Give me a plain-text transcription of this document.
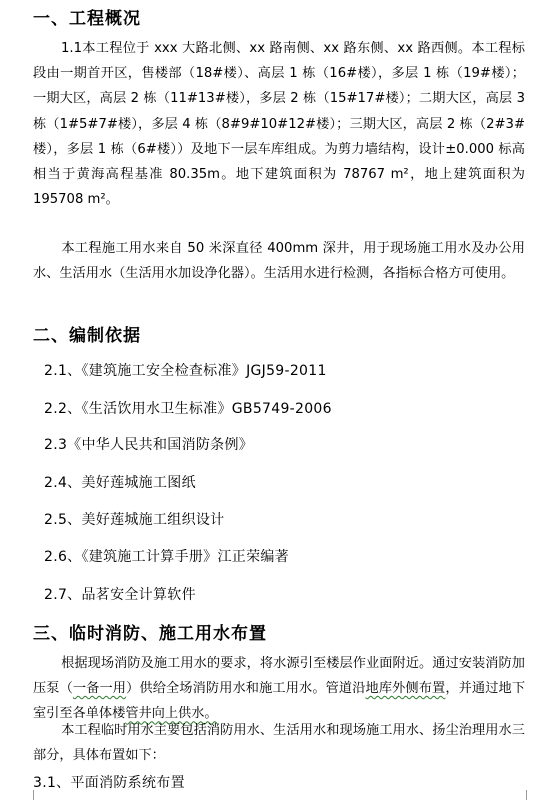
一、工程概况

1.1本工程位于 xxx 大路北侧、xx 路南侧、xx 路东侧、xx 路西侧。本工程标段由一期首开区，售楼部（18#楼）、高层 1 栋（16#楼），多层 1 栋（19#楼）；一期大区，高层 2 栋（11#13#楼），多层 2 栋（15#17#楼）；二期大区，高层 3 栋（1#5#7#楼），多层 4 栋（8#9#10#12#楼）；三期大区，高层 2 栋（2#3#楼），多层 1 栋（6#楼））及地下一层车库组成。为剪力墙结构，设计±0.000 标高相当于黄海高程基准 80.35m。地下建筑面积为 78767 m²，地上建筑面积为 195708 m²。

本工程施工用水来自 50 米深直径 400mm 深井，用于现场施工用水及办公用水、生活用水（生活用水加设净化器）。生活用水进行检测，各指标合格方可使用。

二、编制依据
2.1、《建筑施工安全检查标准》JGJ59-2011
2.2、《生活饮用水卫生标准》GB5749-2006
2.3《中华人民共和国消防条例》
2.4、美好莲城施工图纸
2.5、美好莲城施工组织设计
2.6、《建筑施工计算手册》江正荣编著
2.7、品茗安全计算软件
三、临时消防、施工用水布置

根据现场消防及施工用水的要求，将水源引至楼层作业面附近。通过安装消防加压泵（一备一用）供给全场消防用水和施工用水。管道沿地库外侧布置，并通过地下室引至各单体楼管井向上供水。

本工程临时用水主要包括消防用水、生活用水和现场施工用水、扬尘治理用水三部分，具体布置如下：

3.1、平面消防系统布置
